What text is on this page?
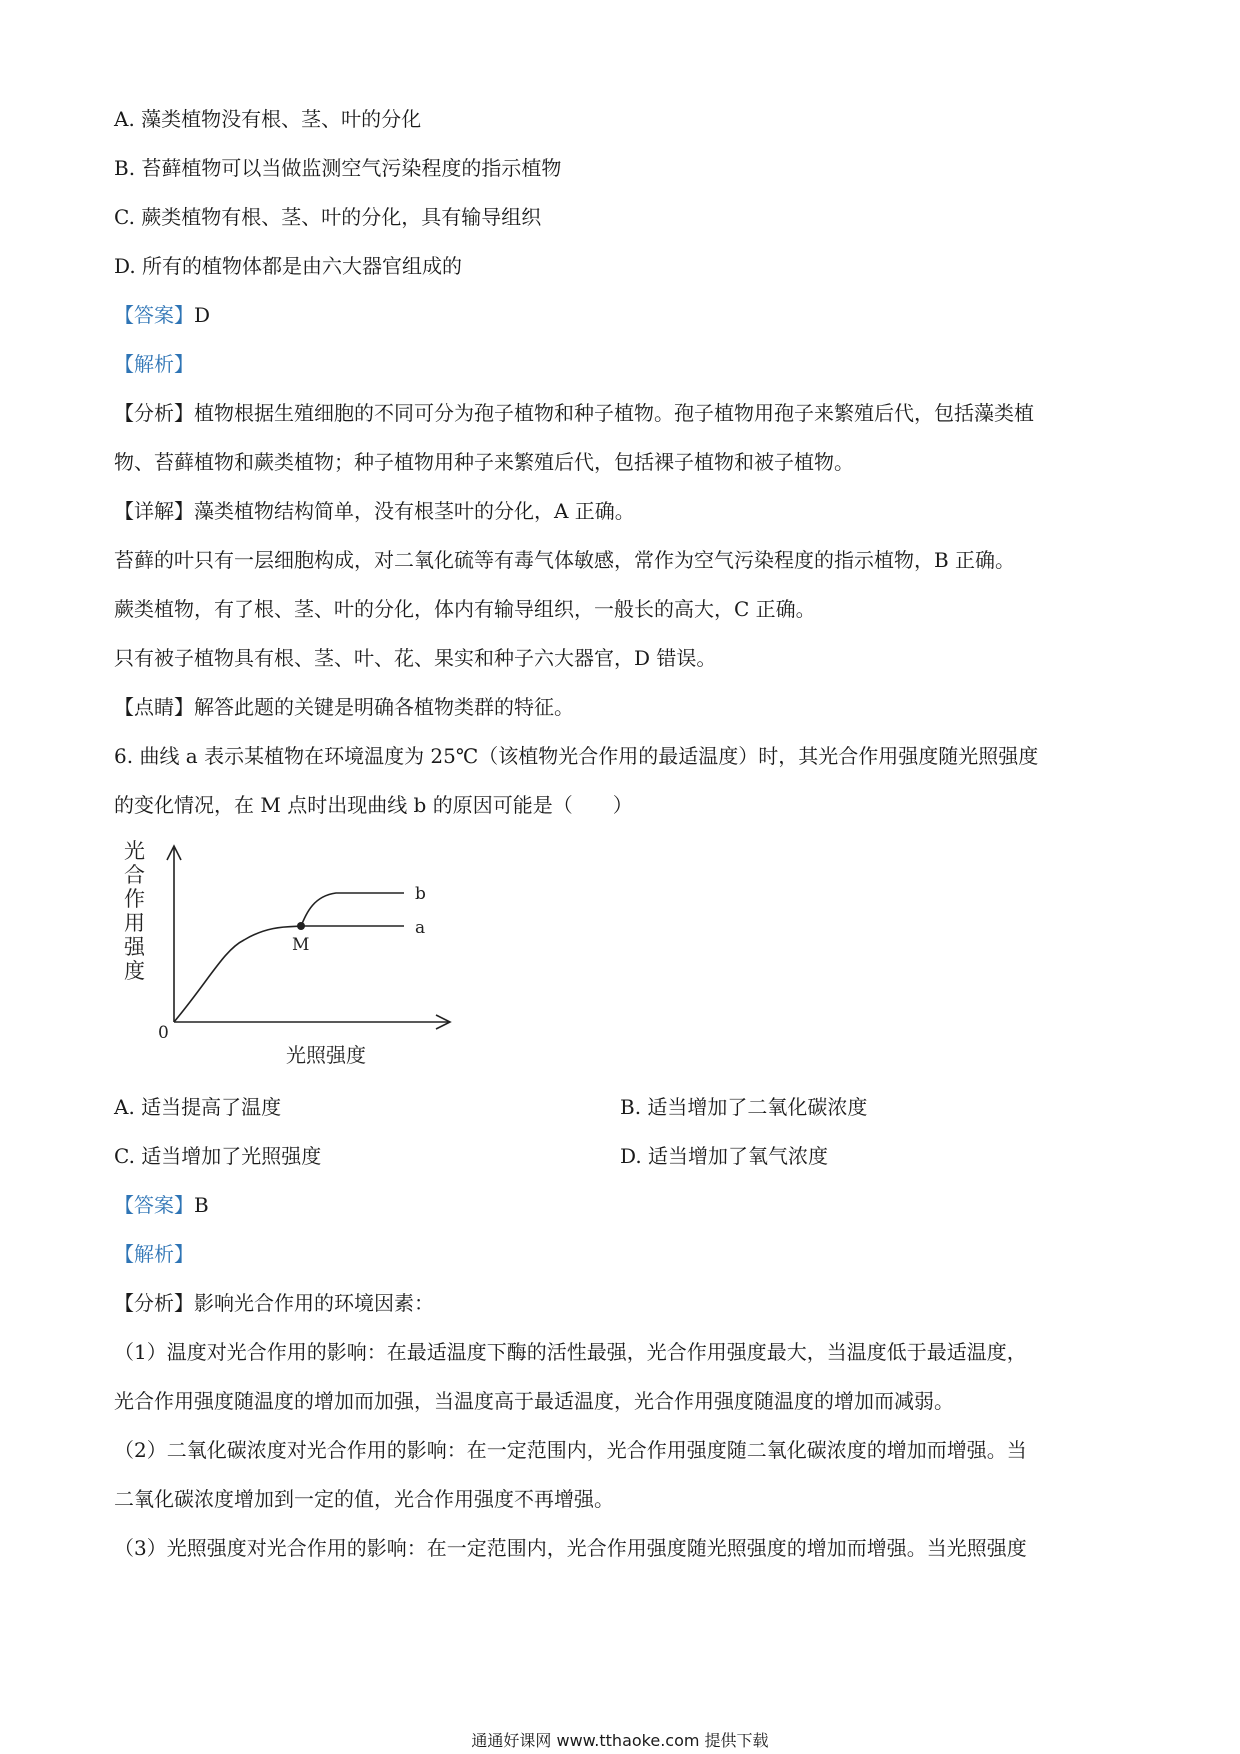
A. 藻类植物没有根、茎、叶的分化
B. 苔藓植物可以当做监测空气污染程度的指示植物
C. 蕨类植物有根、茎、叶的分化，具有输导组织
D. 所有的植物体都是由六大器官组成的
【答案】D
【解析】
【分析】植物根据生殖细胞的不同可分为孢子植物和种子植物。孢子植物用孢子来繁殖后代，包括藻类植
物、苔藓植物和蕨类植物；种子植物用种子来繁殖后代，包括裸子植物和被子植物。
【详解】藻类植物结构简单，没有根茎叶的分化，A 正确。
苔藓的叶只有一层细胞构成，对二氧化硫等有毒气体敏感，常作为空气污染程度的指示植物，B 正确。
蕨类植物，有了根、茎、叶的分化，体内有输导组织，一般长的高大，C 正确。
只有被子植物具有根、茎、叶、花、果实和种子六大器官，D 错误。
【点睛】解答此题的关键是明确各植物类群的特征。
6. 曲线 a 表示某植物在环境温度为 25℃（该植物光合作用的最适温度）时，其光合作用强度随光照强度
的变化情况，在 M 点时出现曲线 b 的原因可能是（　　）
光 合 作 用 强 度
0
M
a
b
光照强度
A. 适当提高了温度	B. 适当增加了二氧化碳浓度
C. 适当增加了光照强度	D. 适当增加了氧气浓度
【答案】B
【解析】
【分析】影响光合作用的环境因素：
（1）温度对光合作用的影响：在最适温度下酶的活性最强，光合作用强度最大，当温度低于最适温度，
光合作用强度随温度的增加而加强，当温度高于最适温度，光合作用强度随温度的增加而减弱。
（2）二氧化碳浓度对光合作用的影响：在一定范围内，光合作用强度随二氧化碳浓度的增加而增强。当
二氧化碳浓度增加到一定的值，光合作用强度不再增强。
（3）光照强度对光合作用的影响：在一定范围内，光合作用强度随光照强度的增加而增强。当光照强度
通通好课网 www.tthaoke.com 提供下载
